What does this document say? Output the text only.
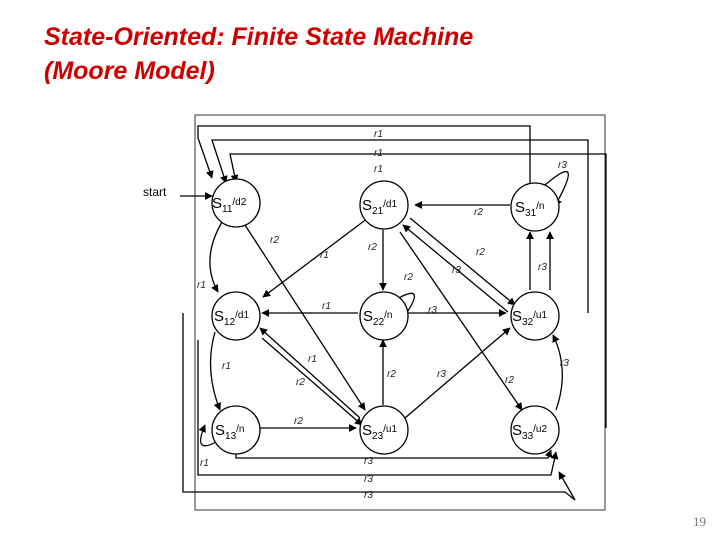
State-Oriented: Finite State Machine
(Moore Model)
r1
r1
r1	r3
r2
r1
r2
r2
r2
r3	r3
r2
r1
r1	r3
r1
r2
r1
r2	r3
r2
r3
r2
r1	r3
r3
r3
start
$S_{11}^{/d2}$	$S_{21}^{/d1}$	$S_{31}^{/n}$
$S_{12}^{/d1}$	$S_{22}^{/n}$	$S_{32}^{/u1}$
$S_{13}^{/n}$	$S_{23}^{/u1}$	$S_{33}^{/u2}$
19
